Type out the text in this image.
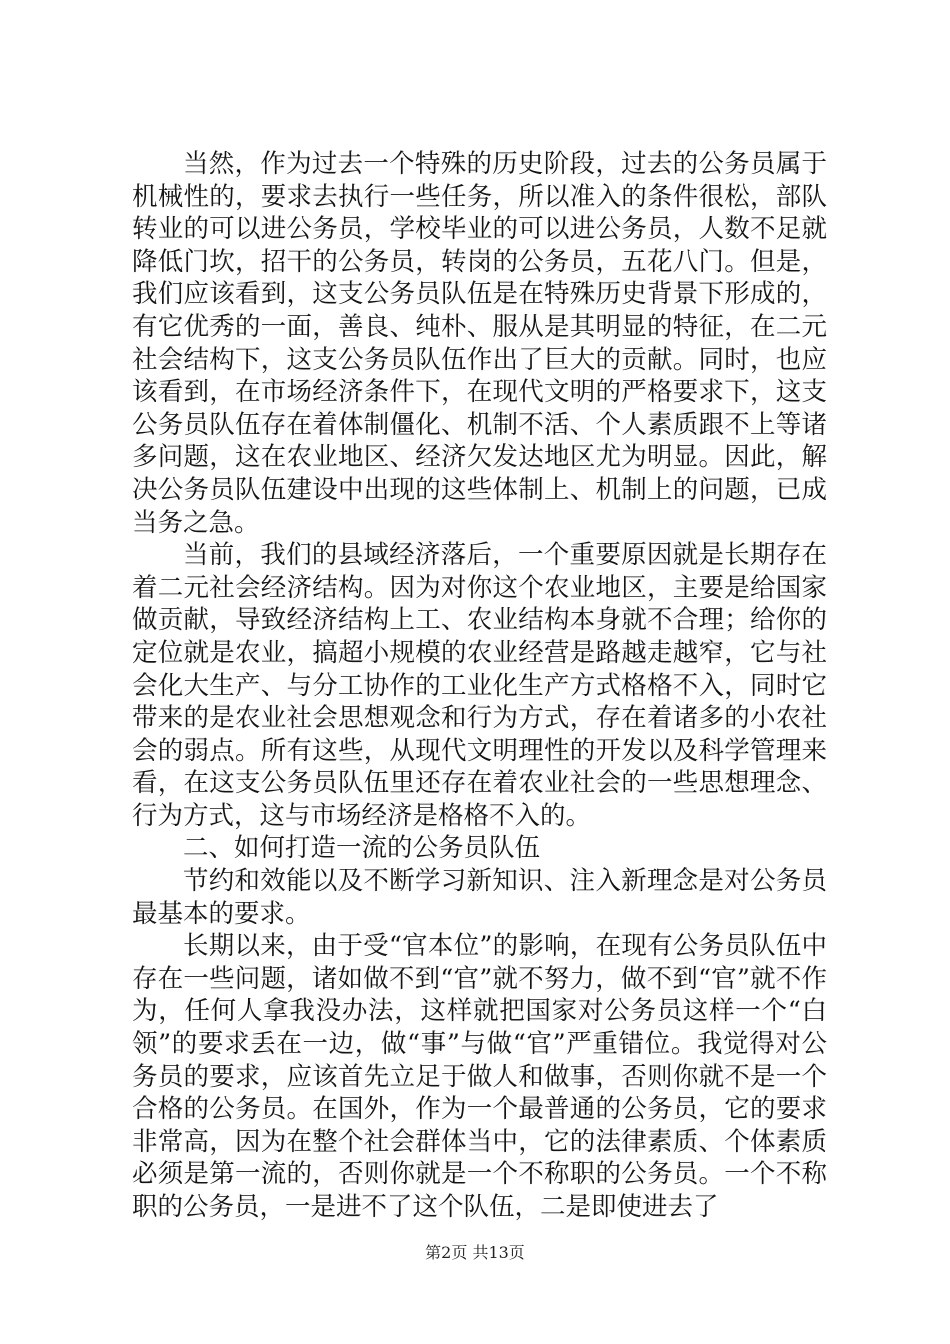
当然，作为过去一个特殊的历史阶段，过去的公务员属于机械性的，要求去执行一些任务，所以准入的条件很松，部队转业的可以进公务员，学校毕业的可以进公务员，人数不足就降低门坎，招干的公务员，转岗的公务员，五花八门。但是，我们应该看到，这支公务员队伍是在特殊历史背景下形成的，有它优秀的一面，善良、纯朴、服从是其明显的特征，在二元社会结构下，这支公务员队伍作出了巨大的贡献。同时，也应该看到，在市场经济条件下，在现代文明的严格要求下，这支公务员队伍存在着体制僵化、机制不活、个人素质跟不上等诸多问题，这在农业地区、经济欠发达地区尤为明显。因此，解决公务员队伍建设中出现的这些体制上、机制上的问题，已成当务之急。

当前，我们的县域经济落后，一个重要原因就是长期存在着二元社会经济结构。因为对你这个农业地区，主要是给国家做贡献，导致经济结构上工、农业结构本身就不合理；给你的定位就是农业，搞超小规模的农业经营是路越走越窄，它与社会化大生产、与分工协作的工业化生产方式格格不入，同时它带来的是农业社会思想观念和行为方式，存在着诸多的小农社会的弱点。所有这些，从现代文明理性的开发以及科学管理来看，在这支公务员队伍里还存在着农业社会的一些思想理念、行为方式，这与市场经济是格格不入的。

二、如何打造一流的公务员队伍

节约和效能以及不断学习新知识、注入新理念是对公务员最基本的要求。

长期以来，由于受“官本位”的影响，在现有公务员队伍中存在一些问题，诸如做不到“官”就不努力，做不到“官”就不作为，任何人拿我没办法，这样就把国家对公务员这样一个“白领”的要求丢在一边，做“事”与做“官”严重错位。我觉得对公务员的要求，应该首先立足于做人和做事，否则你就不是一个合格的公务员。在国外，作为一个最普通的公务员，它的要求非常高，因为在整个社会群体当中，它的法律素质、个体素质必须是第一流的，否则你就是一个不称职的公务员。一个不称职的公务员，一是进不了这个队伍，二是即使进去了

第2页 共13页
